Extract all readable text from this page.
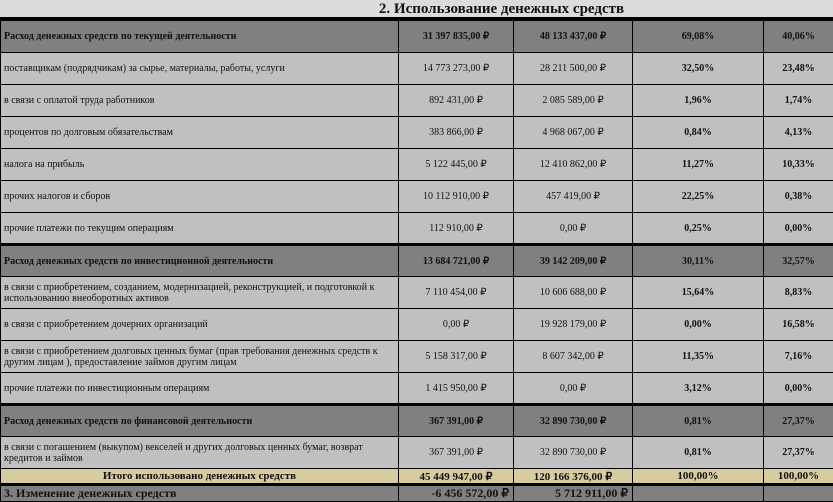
2. Использование денежных средств
Расход денежных средств по текущей деятельности	31 397 835,00 ₽	48 133 437,00 ₽	69,08%	40,06%
поставщикам (подрядчикам) за сырье, материалы, работы, услуги	14 773 273,00 ₽	28 211 500,00 ₽	32,50%	23,48%
в связи с оплатой труда работников	892 431,00 ₽	2 085 589,00 ₽	1,96%	1,74%
процентов по долговым обязательствам	383 866,00 ₽	4 968 067,00 ₽	0,84%	4,13%
налога на прибыль	5 122 445,00 ₽	12 410 862,00 ₽	11,27%	10,33%
прочих налогов и сборов	10 112 910,00 ₽	457 419,00 ₽	22,25%	0,38%
прочие платежи по текущим операциям	112 910,00 ₽	0,00 ₽	0,25%	0,00%
Расход денежных средств по инвестиционной деятельности	13 684 721,00 ₽	39 142 209,00 ₽	30,11%	32,57%
в связи с приобретением, созданием, модернизацией, реконструкцией, и подготовкой к использованию внеоборотных активов	7 110 454,00 ₽	10 606 688,00 ₽	15,64%	8,83%
в связи с приобретением дочерних организаций	0,00 ₽	19 928 179,00 ₽	0,00%	16,58%
в связи с приобретением долговых ценных бумаг (прав требования денежных средств к другим лицам ), предоставление займов другим лицам	5 158 317,00 ₽	8 607 342,00 ₽	11,35%	7,16%
прочие платежи по инвестиционным операциям	1 415 950,00 ₽	0,00 ₽	3,12%	0,00%
Расход денежных средств по финансовой деятельности	367 391,00 ₽	32 890 730,00 ₽	0,81%	27,37%
в связи с погашением (выкупом) векселей и других долговых ценных бумаг, возврат кредитов и займов	367 391,00 ₽	32 890 730,00 ₽	0,81%	27,37%
Итого использовано денежных средств	45 449 947,00 ₽	120 166 376,00 ₽	100,00%	100,00%
3. Изменение денежных средств	-6 456 572,00 ₽	5 712 911,00 ₽		
